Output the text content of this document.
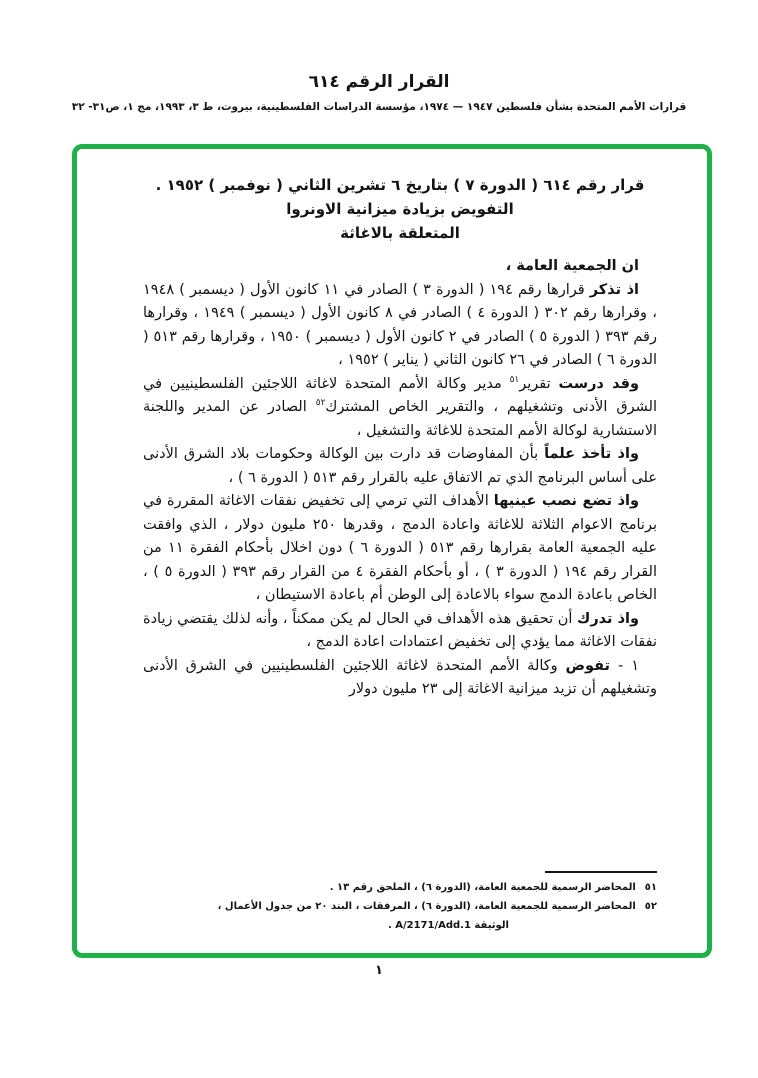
القرار الرقم ٦١٤
قرارات الأمم المتحدة بشأن فلسطين ١٩٤٧ — ١٩٧٤، مؤسسة الدراسات الفلسطينية، بيروت، ط ٣، ١٩٩٣، مج ١، ص٣١- ٣٢
قرار رقم ٦١٤ ( الدورة ٧ ) بتاريخ ٦ تشرين الثاني ( نوفمبر ) ١٩٥٢ .
التفويض بزيادة ميزانية الاونروا
المتعلقة بالاغاثة

ان الجمعية العامة ،

اذ تذكر قرارها رقم ١٩٤ ( الدورة ٣ ) الصادر في ١١ كانون الأول ( ديسمبر ) ١٩٤٨ ، وقرارها رقم ٣٠٢ ( الدورة ٤ ) الصادر في ٨ كانون الأول ( ديسمبر ) ١٩٤٩ ، وقرارها رقم ٣٩٣ ( الدورة ٥ ) الصادر في ٢ كانون الأول ( ديسمبر ) ١٩٥٠ ، وقرارها رقم ٥١٣ ( الدورة ٦ ) الصادر في ٢٦ كانون الثاني ( يناير ) ١٩٥٢ ،

وقد درست تقرير$^{٥١}$ مدير وكالة الأمم المتحدة لاغاثة اللاجئين الفلسطينيين في الشرق الأدنى وتشغيلهم ، والتقرير الخاص المشترك$^{٥٢}$ الصادر عن المدير واللجنة الاستشارية لوكالة الأمم المتحدة للاغاثة والتشغيل ،

واذ تأخذ علماً بأن المفاوضات قد دارت بين الوكالة وحكومات بلاد الشرق الأدنى على أساس البرنامج الذي تم الاتفاق عليه بالقرار رقم ٥١٣ ( الدورة ٦ ) ،

واذ تضع نصب عينيها الأهداف التي ترمي إلى تخفيض نفقات الاغاثة المقررة في برنامج الاعوام الثلاثة للاغاثة واعادة الدمج ، وقدرها ٢٥٠ مليون دولار ، الذي وافقت عليه الجمعية العامة بقرارها رقم ٥١٣ ( الدورة ٦ ) دون اخلال بأحكام الفقرة ١١ من القرار رقم ١٩٤ ( الدورة ٣ ) ، أو بأحكام الفقرة ٤ من القرار رقم ٣٩٣ ( الدورة ٥ ) ، الخاص باعادة الدمج سواء بالاعادة إلى الوطن أم باعادة الاستيطان ،

واذ تدرك أن تحقيق هذه الأهداف في الحال لم يكن ممكناً ، وأنه لذلك يقتضي زيادة نفقات الاغاثة مما يؤدي إلى تخفيض اعتمادات اعادة الدمج ،

١ - تفوض وكالة الأمم المتحدة لاغاثة اللاجئين الفلسطينيين في الشرق الأدنى وتشغيلهم أن تزيد ميزانية الاغاثة إلى ٢٣ مليون دولار

٥١
المحاضر الرسمية للجمعية العامة، (الدورة ٦) ، الملحق رقم ١٣ .
٥٢
المحاضر الرسمية للجمعية العامة، (الدورة ٦) ، المرفقات ، البند ٢٠ من جدول الأعمال ،
الوثيقة A/2171/Add.1 .
١
